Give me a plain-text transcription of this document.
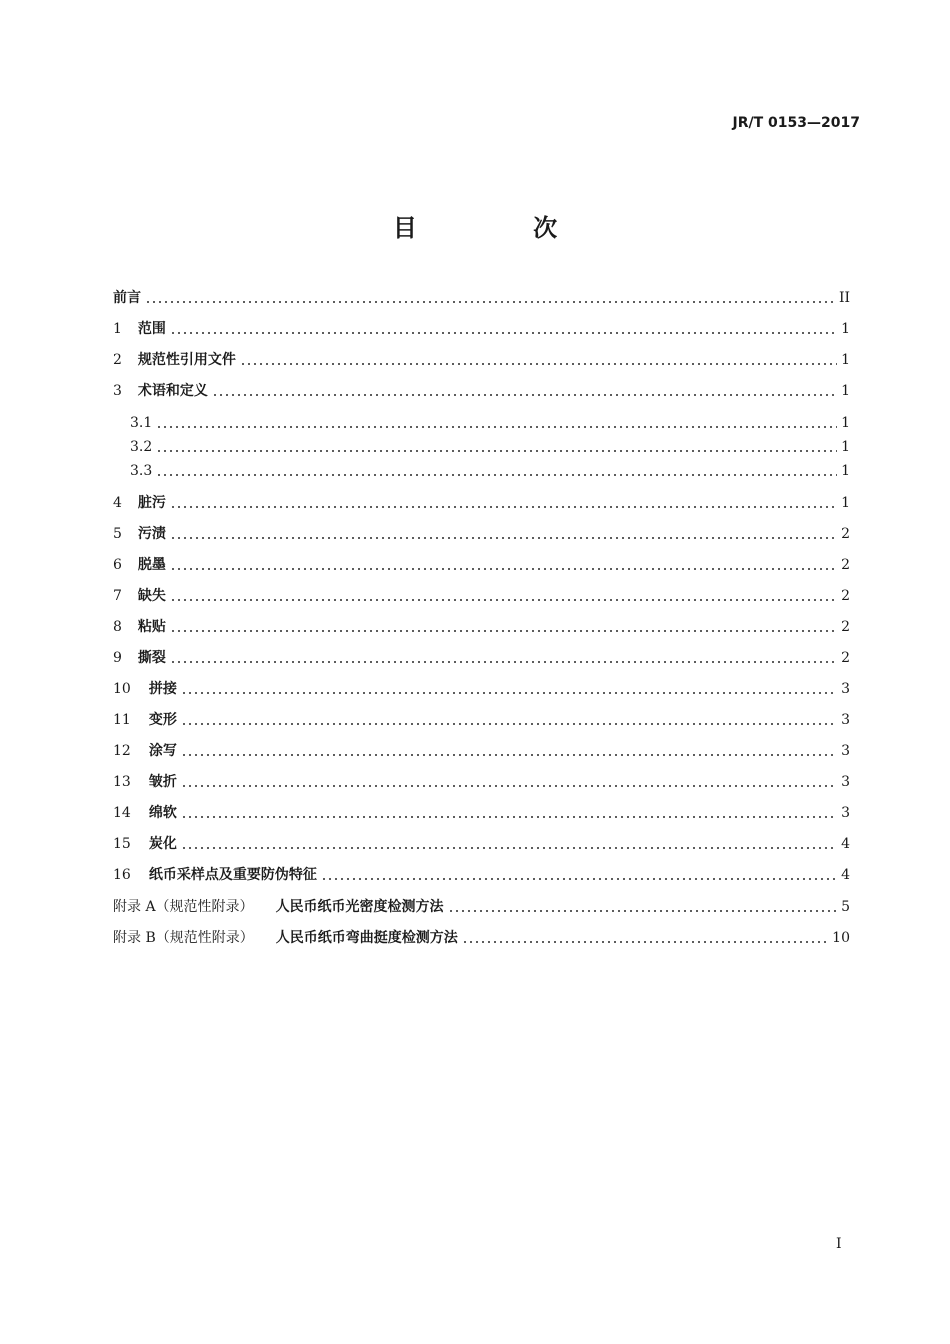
JR/T 0153—2017
目 次
前言	II
1 范围	1
2 规范性引用文件	1
3 术语和定义	1
3.1	1
3.2	1
3.3	1
4 脏污	1
5 污渍	2
6 脱墨	2
7 缺失	2
8 粘贴	2
9 撕裂	2
10 拼接	3
11 变形	3
12 涂写	3
13 皱折	3
14 绵软	3
15 炭化	4
16 纸币采样点及重要防伪特征	4
附录 A（规范性附录） 人民币纸币光密度检测方法	5
附录 B（规范性附录） 人民币纸币弯曲挺度检测方法	10
I
